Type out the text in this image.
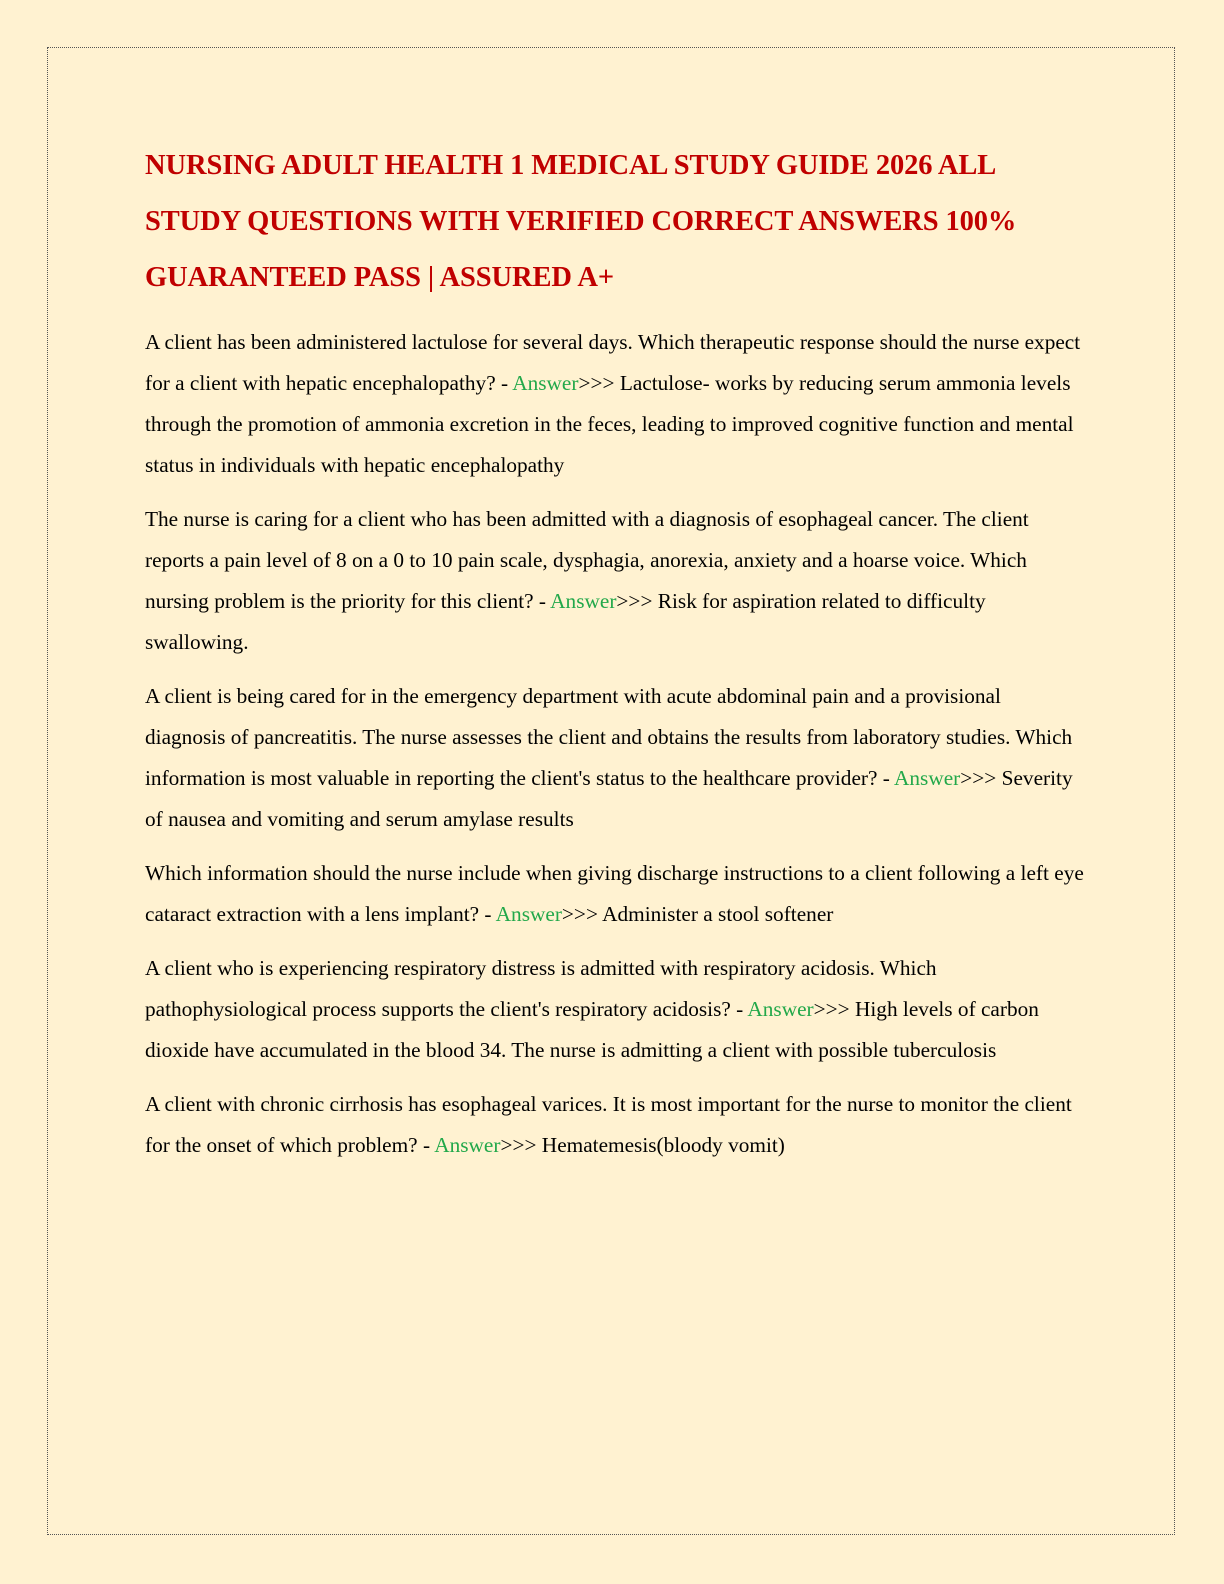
NURSING ADULT HEALTH 1 MEDICAL STUDY GUIDE 2026 ALL STUDY QUESTIONS WITH VERIFIED CORRECT ANSWERS 100% GUARANTEED PASS | ASSURED A+

A client has been administered lactulose for several days. Which therapeutic response should the nurse expect for a client with hepatic encephalopathy? - Answer>>> Lactulose- works by reducing serum ammonia levels through the promotion of ammonia excretion in the feces, leading to improved cognitive function and mental status in individuals with hepatic encephalopathy

The nurse is caring for a client who has been admitted with a diagnosis of esophageal cancer. The client reports a pain level of 8 on a 0 to 10 pain scale, dysphagia, anorexia, anxiety and a hoarse voice. Which nursing problem is the priority for this client? - Answer>>> Risk for aspiration related to difficulty swallowing.

A client is being cared for in the emergency department with acute abdominal pain and a provisional diagnosis of pancreatitis. The nurse assesses the client and obtains the results from laboratory studies. Which information is most valuable in reporting the client's status to the healthcare provider? - Answer>>> Severity of nausea and vomiting and serum amylase results

Which information should the nurse include when giving discharge instructions to a client following a left eye cataract extraction with a lens implant? - Answer>>> Administer a stool softener

A client who is experiencing respiratory distress is admitted with respiratory acidosis. Which pathophysiological process supports the client's respiratory acidosis? - Answer>>> High levels of carbon dioxide have accumulated in the blood 34. The nurse is admitting a client with possible tuberculosis

A client with chronic cirrhosis has esophageal varices. It is most important for the nurse to monitor the client for the onset of which problem? - Answer>>> Hematemesis(bloody vomit)
